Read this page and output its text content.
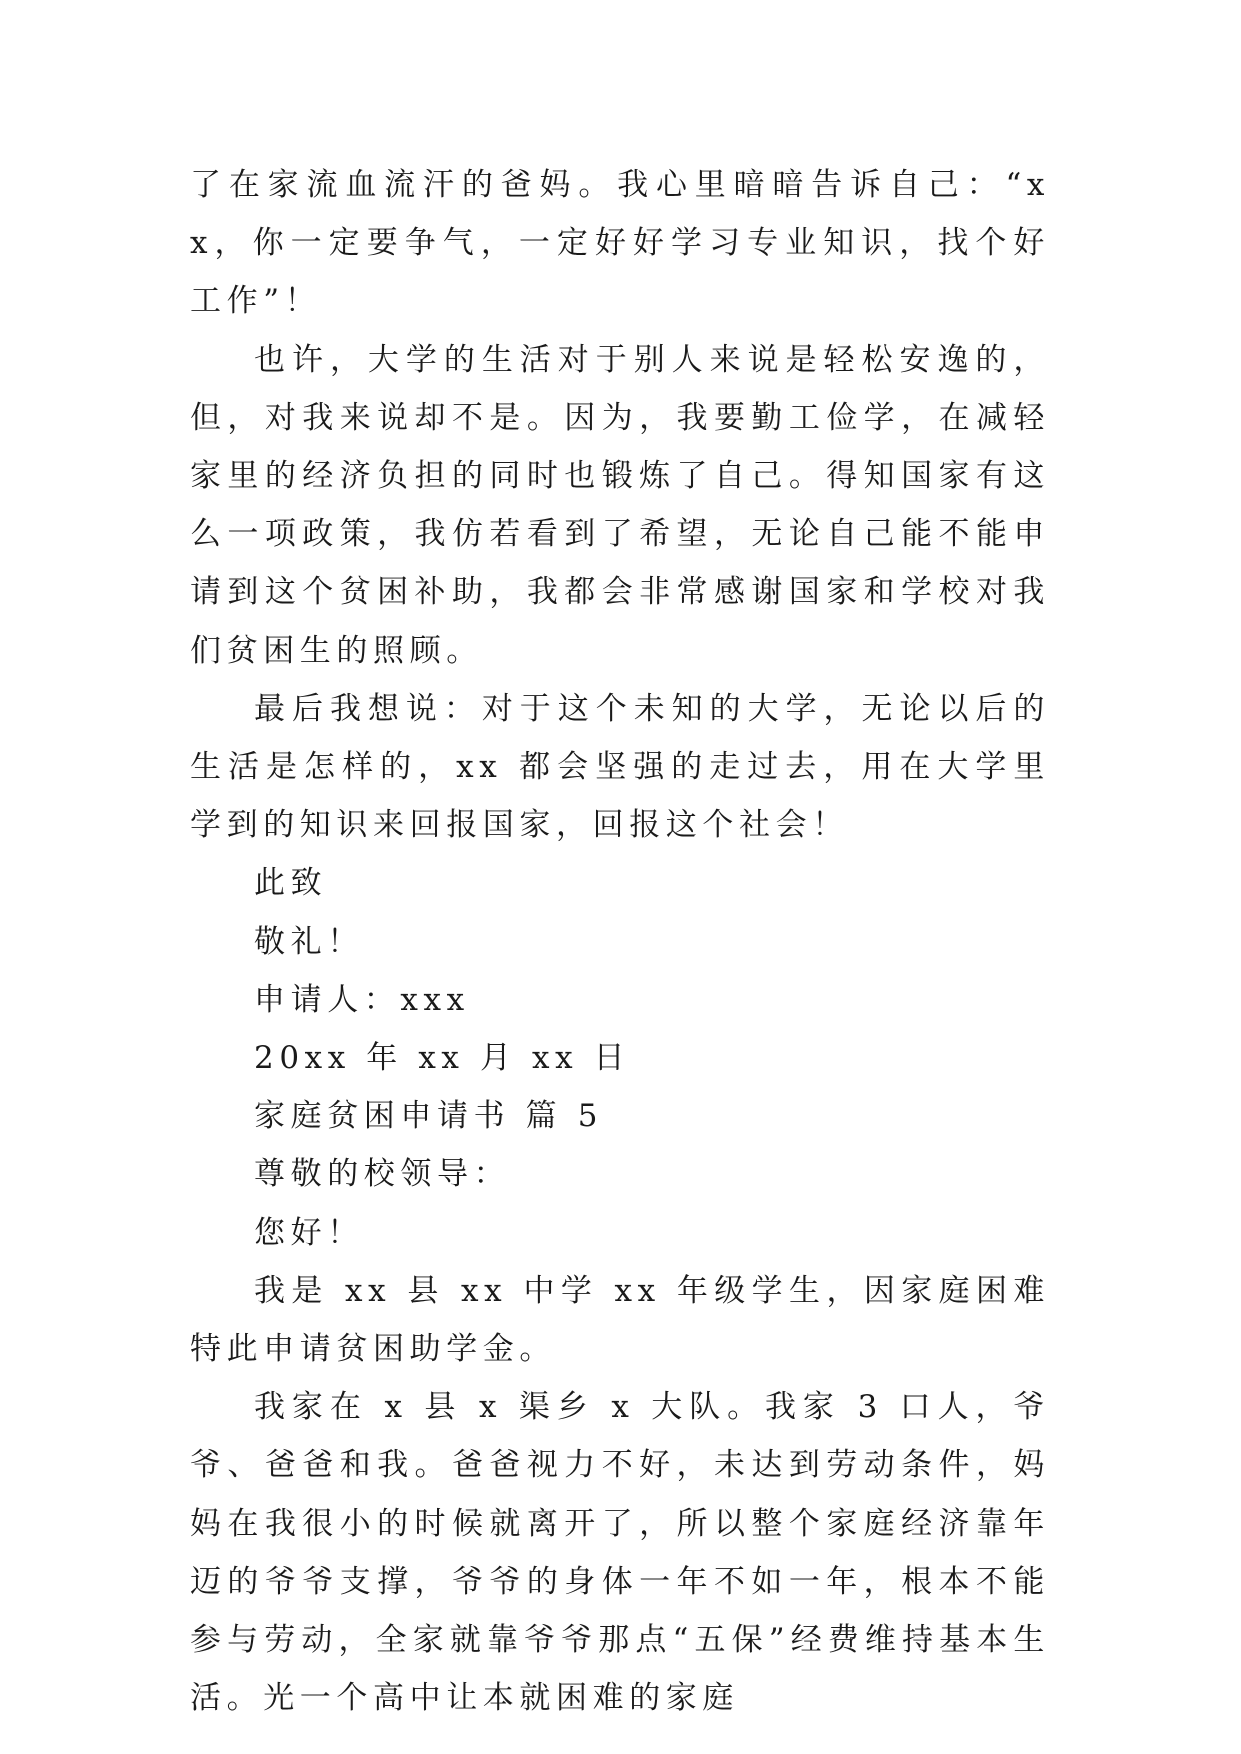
了在家流血流汗的爸妈。我心里暗暗告诉自己：“xx，你一定要争气，一定好好学习专业知识，找个好工作”！

也许，大学的生活对于别人来说是轻松安逸的，但，对我来说却不是。因为，我要勤工俭学，在减轻家里的经济负担的同时也锻炼了自己。得知国家有这么一项政策，我仿若看到了希望，无论自己能不能申请到这个贫困补助，我都会非常感谢国家和学校对我们贫困生的照顾。

最后我想说：对于这个未知的大学，无论以后的生活是怎样的，xx 都会坚强的走过去，用在大学里学到的知识来回报国家，回报这个社会！

此致

敬礼！

申请人：xxx

20xx 年 xx 月 xx 日

家庭贫困申请书 篇 5

尊敬的校领导：

您好！

我是 xx 县 xx 中学 xx 年级学生，因家庭困难特此申请贫困助学金。

我家在 x 县 x 渠乡 x 大队。我家 3 口人，爷爷、爸爸和我。爸爸视力不好，未达到劳动条件，妈妈在我很小的时候就离开了，所以整个家庭经济靠年迈的爷爷支撑，爷爷的身体一年不如一年，根本不能参与劳动，全家就靠爷爷那点“五保”经费维持基本生活。光一个高中让本就困难的家庭
